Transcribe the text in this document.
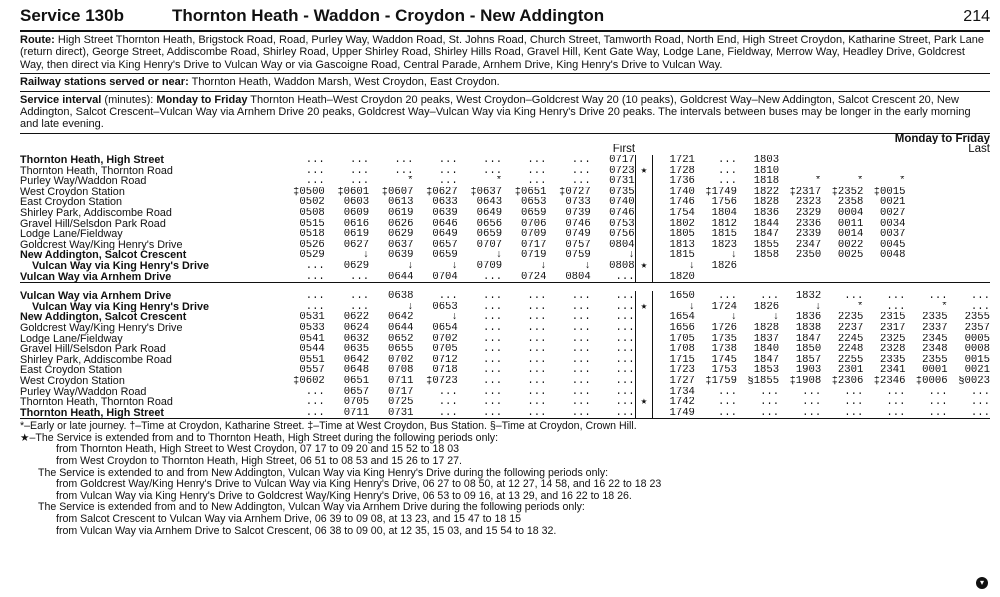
Service 130b	Thornton Heath - Waddon - Croydon - New Addington	214
Route: High Street Thornton Heath, Brigstock Road, Road, Purley Way, Waddon Road, St. Johns Road, Church Street, Tamworth Road, North End, High Street Croydon, Katharine Street, Park Lane (return direct), George Street, Addiscombe Road, Shirley Road, Upper Shirley Road, Shirley Hills Road, Gravel Hill, Kent Gate Way, Lodge Lane, Fieldway, Merrow Way, Headley Drive, Goldcrest Way, then direct via King Henry's Drive to Vulcan Way or via Gascoigne Road, Central Parade, Arnhem Drive, King Henry's Drive to Vulcan Way.
Railway stations served or near: Thornton Heath, Waddon Marsh, West Croydon, East Croydon.
Service interval (minutes): Monday to Friday Thornton Heath–West Croydon 20 peaks, West Croydon–Goldcrest Way 20 (10 peaks), Goldcrest Way–New Addington, Salcot Crescent 20, New Addington, Salcot Crescent–Vulcan Way via Arnhem Drive 20 peaks, Goldcrest Way–Vulcan Way via King Henry's Drive 20 peaks. The intervals between buses may be longer in the early morning and late evening.
Monday to Friday																	
	First									Last							
Thornton Heath, High Street	...	...	...	...	...	...	...	0717		1721	...	1803					
Thornton Heath, Thornton Road	...	...	...	...	...	...	...	0723	★	1728	...	1810					
Purley Way/Waddon Road	...	...	*	...	*	...	...	0731		1736	...	1818	*	*	*		
West Croydon Station	‡0500	‡0601	‡0607	‡0627	‡0637	‡0651	‡0727	0735		1740	‡1749	1822	‡2317	‡2352	‡0015		
East Croydon Station	0502	0603	0613	0633	0643	0653	0733	0740		1746	1756	1828	2323	2358	0021		
Shirley Park, Addiscombe Road	0508	0609	0619	0639	0649	0659	0739	0746		1754	1804	1836	2329	0004	0027		
Gravel Hill/Selsdon Park Road	0515	0616	0626	0646	0656	0706	0746	0753		1802	1812	1844	2336	0011	0034		
Lodge Lane/Fieldway	0518	0619	0629	0649	0659	0709	0749	0756		1805	1815	1847	2339	0014	0037		
Goldcrest Way/King Henry's Drive	0526	0627	0637	0657	0707	0717	0757	0804		1813	1823	1855	2347	0022	0045		
New Addington, Salcot Crescent	0529	↓	0639	0659	↓	0719	0759	↓		1815	↓	1858	2350	0025	0048		
Vulcan Way via King Henry's Drive	...	0629	↓	↓	0709	↓	↓	0808	★	↓	1826						
Vulcan Way via Arnhem Drive	...	...	0644	0704	...	0724	0804	...		1820							

Vulcan Way via Arnhem Drive	...	...	0638	...	...	...	...	...		1650	...	...	1832	...	...	...	...
Vulcan Way via King Henry's Drive	...	...	↓	0653	...	...	...	...	★	↓	1724	1826	↓	*	...	*	...
New Addington, Salcot Crescent	0531	0622	0642	↓	...	...	...	...		1654	↓	↓	1836	2235	2315	2335	2355
Goldcrest Way/King Henry's Drive	0533	0624	0644	0654	...	...	...	...		1656	1726	1828	1838	2237	2317	2337	2357
Lodge Lane/Fieldway	0541	0632	0652	0702	...	...	...	...		1705	1735	1837	1847	2245	2325	2345	0005
Gravel Hill/Selsdon Park Road	0544	0635	0655	0705	...	...	...	...		1708	1738	1840	1850	2248	2328	2348	0008
Shirley Park, Addiscombe Road	0551	0642	0702	0712	...	...	...	...		1715	1745	1847	1857	2255	2335	2355	0015
East Croydon Station	0557	0648	0708	0718	...	...	...	...		1723	1753	1853	1903	2301	2341	0001	0021
West Croydon Station	‡0602	0651	0711	‡0723	...	...	...	...		1727	‡1759	§1855	‡1908	‡2306	‡2346	‡0006	§0023
Purley Way/Waddon Road	...	0657	0717	...	...	...	...	...		1734	...	...	...	...	...	...	...
Thornton Heath, Thornton Road	...	0705	0725	...	...	...	...	...	★	1742	...	...	...	...	...	...	...
Thornton Heath, High Street	...	0711	0731	...	...	...	...	...		1749	...	...	...	...	...	...	...
*–Early or late journey. †–Time at Croydon, Katharine Street. ‡–Time at West Croydon, Bus Station. §–Time at Croydon, Crown Hill.
★–The Service is extended from and to Thornton Heath, High Street during the following periods only:
from Thornton Heath, High Street to West Croydon, 07 17 to 09 20 and 15 52 to 18 03
from West Croydon to Thornton Heath, High Street, 06 51 to 08 53 and 15 26 to 17 27.
The Service is extended to and from New Addington, Vulcan Way via King Henry's Drive during the following periods only:
from Goldcrest Way/King Henry's Drive to Vulcan Way via King Henry's Drive, 06 27 to 08 50, at 12 27, 14 58, and 16 22 to 18 23
from Vulcan Way via King Henry's Drive to Goldcrest Way/King Henry's Drive, 06 53 to 09 16, at 13 29, and 16 22 to 18 26.
The Service is extended from and to New Addington, Vulcan Way via Arnhem Drive during the following periods only:
from Salcot Crescent to Vulcan Way via Arnhem Drive, 06 39 to 09 08, at 13 23, and 15 47 to 18 15
from Vulcan Way via Arnhem Drive to Salcot Crescent, 06 38 to 09 00, at 12 35, 15 03, and 15 54 to 18 32.
▾
